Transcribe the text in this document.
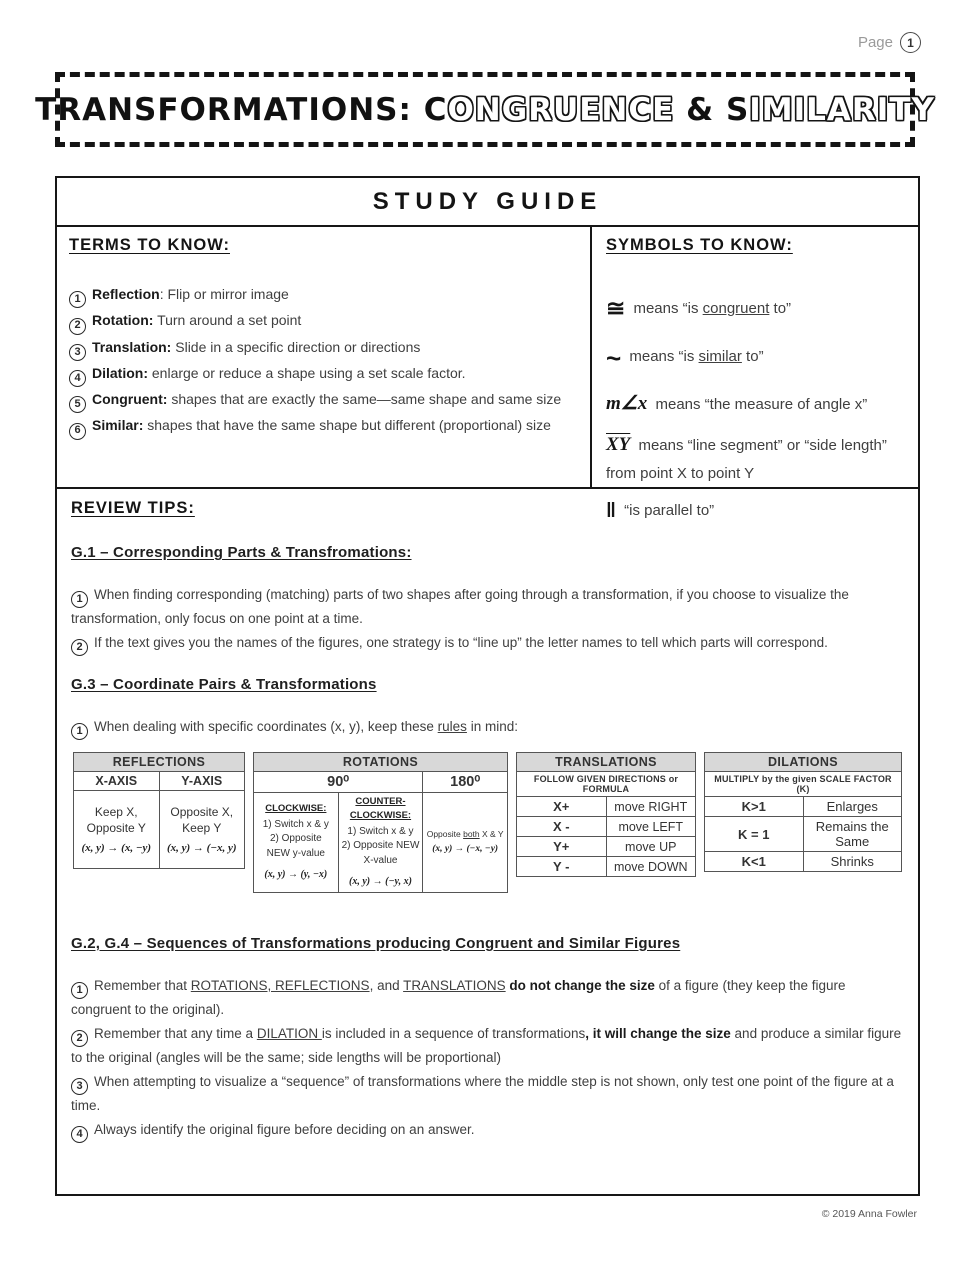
Page	1
TRANSFORMATIONS: CONGRUENCE & SIMILARITY
STUDY GUIDE
TERMS TO KNOW:

1 Reflection: Flip or mirror image

2 Rotation: Turn around a set point

3 Translation: Slide in a specific direction or directions

4 Dilation: enlarge or reduce a shape using a set scale factor.

5 Congruent: shapes that are exactly the same—same shape and same size

6 Similar: shapes that have the same shape but different (proportional) size

SYMBOLS TO KNOW:

≅ means “is congruent to”

~ means “is similar to”

m∠x means “the measure of angle x”

$\overline{XY}$ means “line segment” or “side length” from point X to point Y

‖ “is parallel to”

REVIEW TIPS:
G.1 – Corresponding Parts & Transfromations:

1 When finding corresponding (matching) parts of two shapes after going through a transformation, if you choose to visualize the transformation, only focus on one point at a time.

2 If the text gives you the names of the figures, one strategy is to “line up” the letter names to tell which parts will correspond.

G.3 – Coordinate Pairs & Transformations

1 When dealing with specific coordinates (x, y), keep these rules in mind:

REFLECTIONS	
X-AXIS	Y-AXIS

Keep X,
Opposite Y
(x, y) → (x, −y)

Opposite X,
Keep Y
(x, y) → (−x, y)
ROTATIONS		
90⁰		180⁰

CLOCKWISE:
1) Switch x & y
2) Opposite
NEW y-value
(x, y) → (y, −x)

COUNTER-CLOCKWISE:
1) Switch x & y
2) Opposite NEW
X-value
(x, y) → (−y, x)

Opposite both X & Y
(x, y) → (−x, −y)
TRANSLATIONS	
FOLLOW GIVEN DIRECTIONS or FORMULA	
X+	move RIGHT
X -	move LEFT
Y+	move UP
Y -	move DOWN
DILATIONS	
MULTIPLY by the given SCALE FACTOR (K)	
K>1	Enlarges
K = 1	Remains the Same
K<1	Shrinks
G.2, G.4 – Sequences of Transformations producing Congruent and Similar Figures

1 Remember that ROTATIONS, REFLECTIONS, and TRANSLATIONS do not change the size of a figure (they keep the figure congruent to the original).

2 Remember that any time a DILATION is included in a sequence of transformations, it will change the size and produce a similar figure to the original (angles will be the same; side lengths will be proportional)

3 When attempting to visualize a “sequence” of transformations where the middle step is not shown, only test one point of the figure at a time.

4 Always identify the original figure before deciding on an answer.

© 2019 Anna Fowler
